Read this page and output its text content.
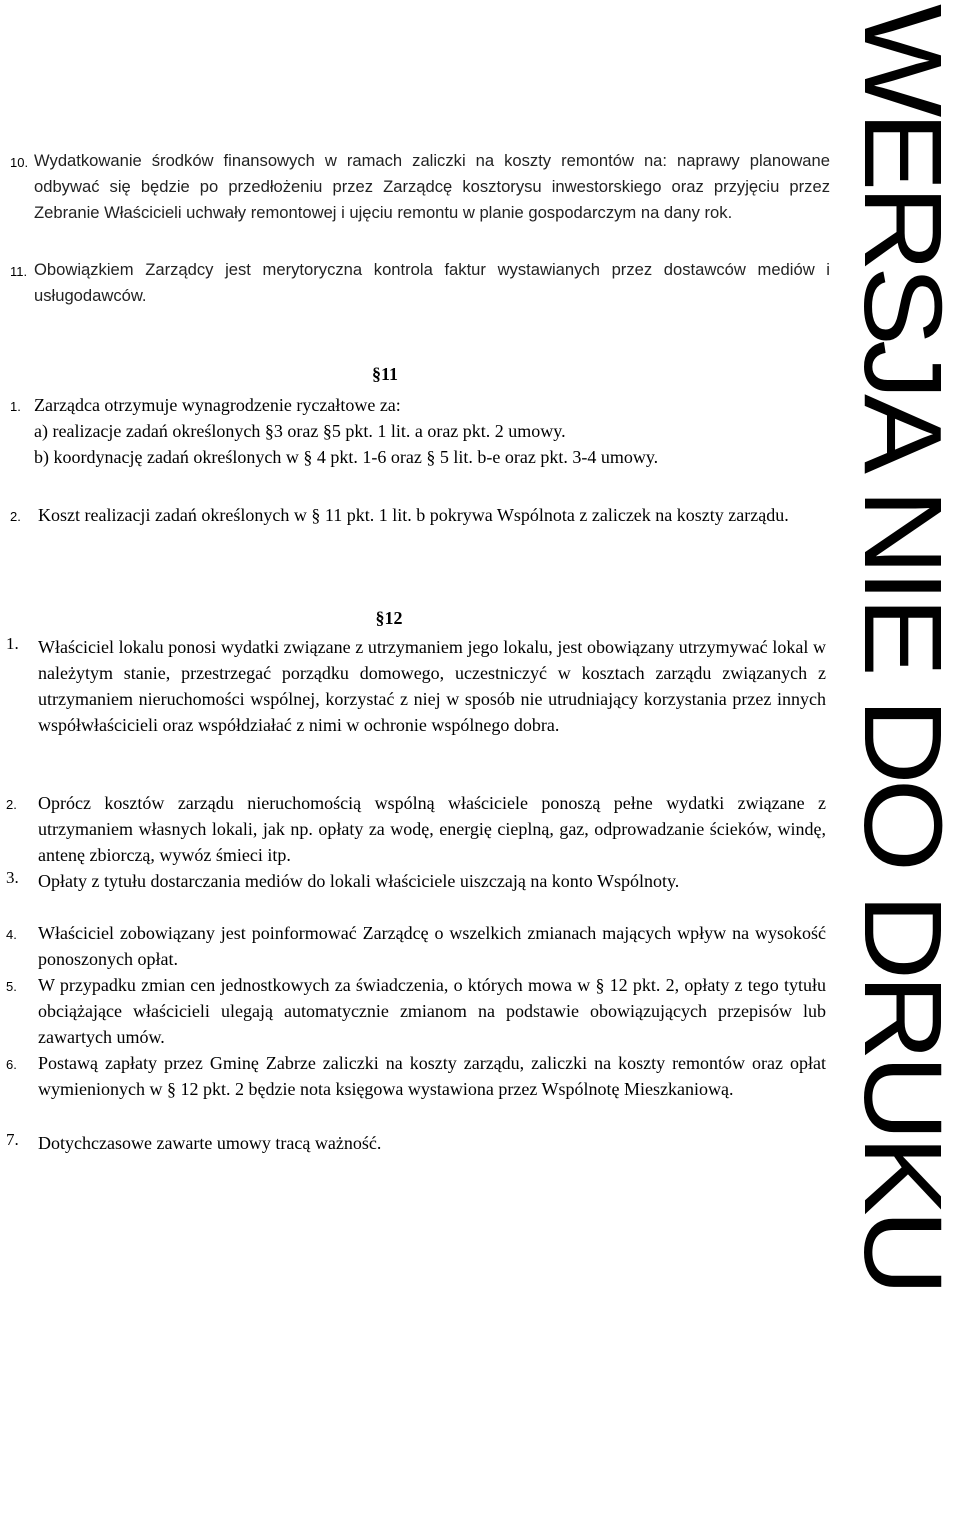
10. Wydatkowanie środków finansowych w ramach zaliczki na koszty remontów na: naprawy planowane odbywać się będzie po przedłożeniu przez Zarządcę kosztorysu inwestorskiego oraz przyjęciu przez Zebranie Właścicieli uchwały remontowej i ujęciu remontu w planie gospodarczym na dany rok.
11. Obowiązkiem Zarządcy jest merytoryczna kontrola faktur wystawianych przez dostawców mediów i usługodawców.
§11
1. Zarządca otrzymuje wynagrodzenie ryczałtowe za:
a) realizacje zadań określonych §3 oraz §5 pkt. 1 lit. a oraz pkt. 2 umowy.
b) koordynację zadań określonych w § 4 pkt. 1-6 oraz § 5 lit. b-e oraz pkt. 3-4 umowy.
2. Koszt realizacji zadań określonych w § 11 pkt. 1 lit. b pokrywa Wspólnota z zaliczek na koszty zarządu.
§12
1. Właściciel lokalu ponosi wydatki związane z utrzymaniem jego lokalu, jest obowiązany utrzymywać lokal w należytym stanie, przestrzegać porządku domowego, uczestniczyć w kosztach zarządu związanych z utrzymaniem nieruchomości wspólnej, korzystać z niej w sposób nie utrudniający korzystania przez innych współwłaścicieli oraz współdziałać z nimi w ochronie wspólnego dobra.
2. Oprócz kosztów zarządu nieruchomością wspólną właściciele ponoszą pełne wydatki związane z utrzymaniem własnych lokali, jak np. opłaty za wodę, energię cieplną, gaz, odprowadzanie ścieków, windę, antenę zbiorczą, wywóz śmieci itp.
3. Opłaty z tytułu dostarczania mediów do lokali właściciele uiszczają na konto Wspólnoty.
4. Właściciel zobowiązany jest poinformować Zarządcę o wszelkich zmianach mających wpływ na wysokość ponoszonych opłat.
5. W przypadku zmian cen jednostkowych za świadczenia, o których mowa w § 12 pkt. 2, opłaty z tego tytułu obciążające właścicieli ulegają automatycznie zmianom na podstawie obowiązujących przepisów lub zawartych umów.
6. Postawą zapłaty przez Gminę Zabrze zaliczki na koszty zarządu, zaliczki na koszty remontów oraz opłat wymienionych w § 12 pkt. 2 będzie nota księgowa wystawiona przez Wspólnotę Mieszkaniową.
7. Dotychczasowe zawarte umowy tracą ważność.	WERSJA NIE DO DRUKU
